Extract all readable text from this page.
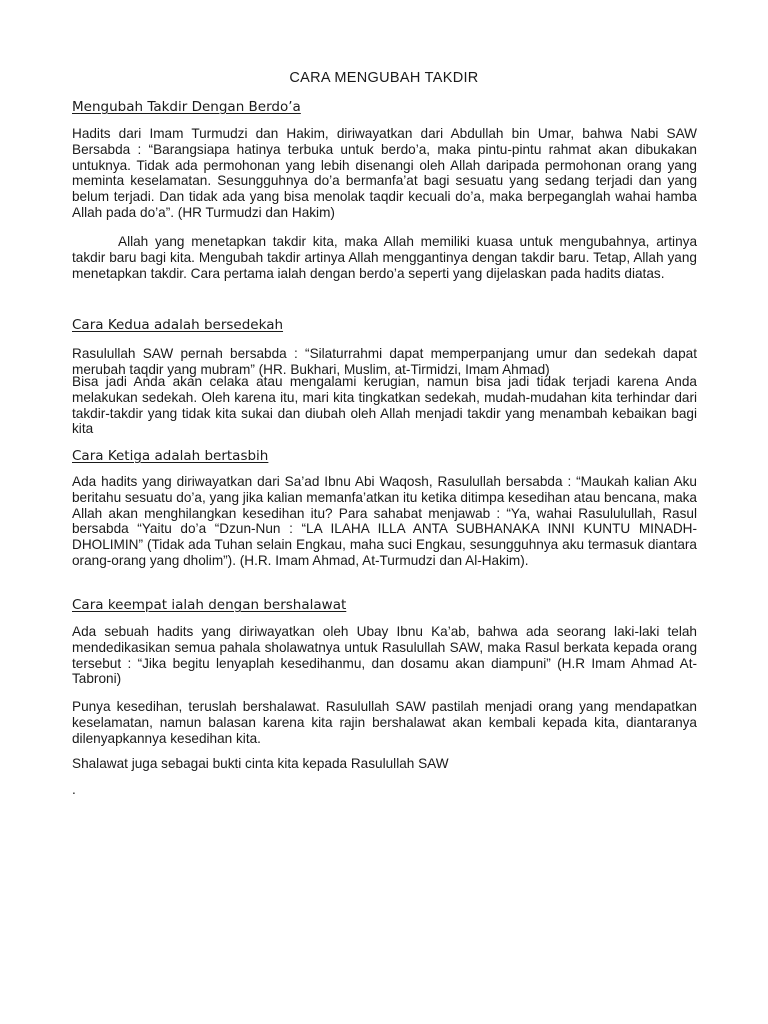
CARA MENGUBAH TAKDIR
Mengubah Takdir Dengan Berdo’a
Hadits dari Imam Turmudzi dan Hakim, diriwayatkan dari Abdullah bin Umar, bahwa Nabi SAW Bersabda : “Barangsiapa hatinya terbuka untuk berdo’a, maka pintu-pintu rahmat akan dibukakan untuknya. Tidak ada permohonan yang lebih disenangi oleh Allah daripada permohonan orang yang meminta keselamatan. Sesungguhnya do’a bermanfa’at bagi sesuatu yang sedang terjadi dan yang belum terjadi. Dan tidak ada yang bisa menolak taqdir kecuali do’a, maka berpeganglah wahai hamba Allah pada do’a”. (HR Turmudzi dan Hakim)
Allah yang menetapkan takdir kita, maka Allah memiliki kuasa untuk mengubahnya, artinya takdir baru bagi kita. Mengubah takdir artinya Allah menggantinya dengan takdir baru. Tetap, Allah yang menetapkan takdir. Cara pertama ialah dengan berdo’a seperti yang dijelaskan pada hadits diatas.
Cara Kedua adalah bersedekah
Rasulullah SAW pernah bersabda : “Silaturrahmi dapat memperpanjang umur dan sedekah dapat merubah taqdir yang mubram” (HR. Bukhari, Muslim, at-Tirmidzi, Imam Ahmad)
Bisa jadi Anda akan celaka atau mengalami kerugian, namun bisa jadi tidak terjadi karena Anda melakukan sedekah. Oleh karena itu, mari kita tingkatkan sedekah, mudah-mudahan kita terhindar dari takdir-takdir yang tidak kita sukai dan diubah oleh Allah menjadi takdir yang menambah kebaikan bagi kita
Cara Ketiga adalah bertasbih
Ada hadits yang diriwayatkan dari Sa’ad Ibnu Abi Waqosh, Rasulullah bersabda : “Maukah kalian Aku beritahu sesuatu do’a, yang jika kalian memanfa’atkan itu ketika ditimpa kesedihan atau bencana, maka Allah akan menghilangkan kesedihan itu? Para sahabat menjawab : “Ya, wahai Rasululullah, Rasul bersabda “Yaitu do’a “Dzun-Nun : “LA ILAHA ILLA ANTA SUBHANAKA INNI KUNTU MINADH-DHOLIMIN” (Tidak ada Tuhan selain Engkau, maha suci Engkau, sesungguhnya aku termasuk diantara orang-orang yang dholim”). (H.R. Imam Ahmad, At-Turmudzi dan Al-Hakim).
Cara keempat ialah dengan bershalawat
Ada sebuah hadits yang diriwayatkan oleh Ubay Ibnu Ka’ab, bahwa ada seorang laki-laki telah mendedikasikan semua pahala sholawatnya untuk Rasulullah SAW, maka Rasul berkata kepada orang tersebut : “Jika begitu lenyaplah kesedihanmu, dan dosamu akan diampuni” (H.R Imam Ahmad At-Tabroni)
Punya kesedihan, teruslah bershalawat. Rasulullah SAW pastilah menjadi orang yang mendapatkan keselamatan, namun balasan karena kita rajin bershalawat akan kembali kepada kita, diantaranya dilenyapkannya kesedihan kita.
Shalawat juga sebagai bukti cinta kita kepada Rasulullah SAW
.
